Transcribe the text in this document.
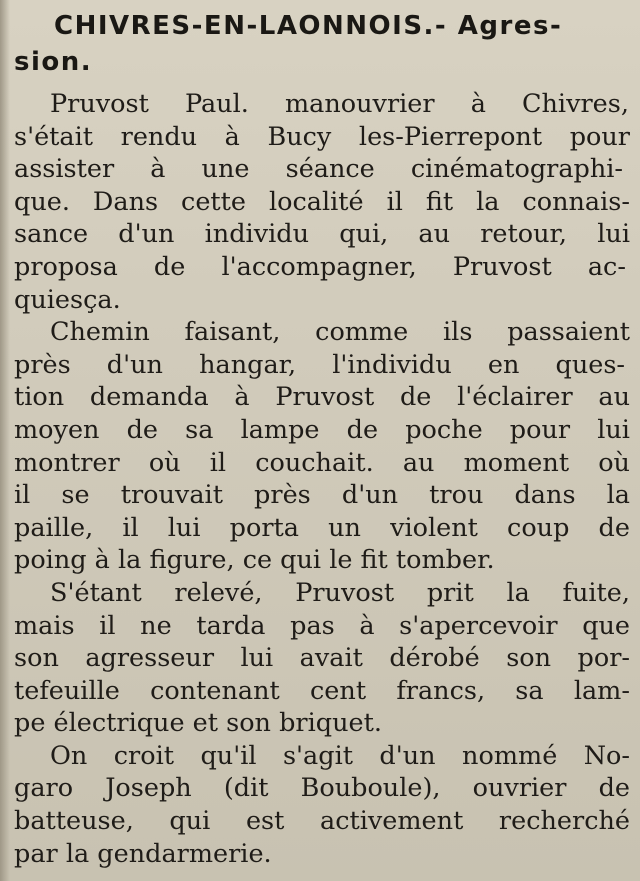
CHIVRES-EN-LAONNOIS.- Agres-
sion.

Pruvost Paul. manouvrier à Chivres,
s'était rendu à Bucy les-Pierrepont pour
assister à une séance cinématographi-
que. Dans cette localité il fit la connais-
sance d'un individu qui, au retour, lui
proposa de l'accompagner, Pruvost ac-
quiesça.

Chemin faisant, comme ils passaient
près d'un hangar, l'individu en ques-
tion demanda à Pruvost de l'éclairer au
moyen de sa lampe de poche pour lui
montrer où il couchait. au moment où
il se trouvait près d'un trou dans la
paille, il lui porta un violent coup de
poing à la figure, ce qui le fit tomber.

S'étant relevé, Pruvost prit la fuite,
mais il ne tarda pas à s'apercevoir que
son agresseur lui avait dérobé son por-
tefeuille contenant cent francs, sa lam-
pe électrique et son briquet.

On croit qu'il s'agit d'un nommé No-
garo Joseph (dit Bouboule), ouvrier de
batteuse, qui est activement recherché
par la gendarmerie.
